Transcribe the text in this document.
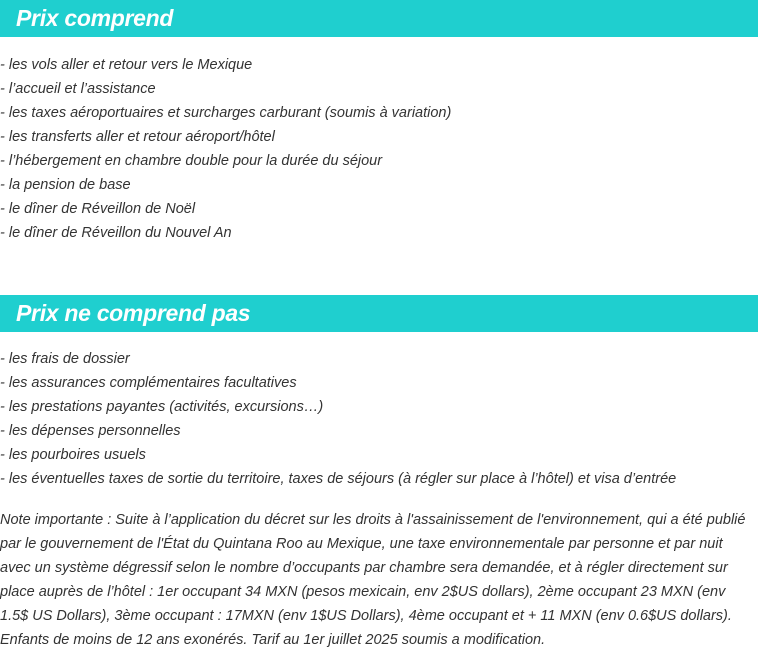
Prix comprend
- les vols aller et retour vers le Mexique
- l’accueil et l’assistance
- les taxes aéroportuaires et surcharges carburant (soumis à variation)
- les transferts aller et retour aéroport/hôtel
- l’hébergement en chambre double pour la durée du séjour
- la pension de base
- le dîner de Réveillon de Noël
- le dîner de Réveillon du Nouvel An
Prix ne comprend pas
- les frais de dossier
- les assurances complémentaires facultatives
- les prestations payantes (activités, excursions…)
- les dépenses personnelles
- les pourboires usuels
- les éventuelles taxes de sortie du territoire, taxes de séjours (à régler sur place à l’hôtel) et visa d’entrée

Note importante : Suite à l’application du décret sur les droits à l'assainissement de l'environnement, qui a été publié par le gouvernement de l'État du Quintana Roo au Mexique, une taxe environnementale par personne et par nuit avec un système dégressif selon le nombre d’occupants par chambre sera demandée, et à régler directement sur place auprès de l’hôtel : 1er occupant 34 MXN (pesos mexicain, env 2$US dollars), 2ème occupant 23 MXN (env 1.5$ US Dollars), 3ème occupant : 17MXN (env 1$US Dollars), 4ème occupant et + 11 MXN (env 0.6$US dollars). Enfants de moins de 12 ans exonérés. Tarif au 1er juillet 2025 soumis a modification.
